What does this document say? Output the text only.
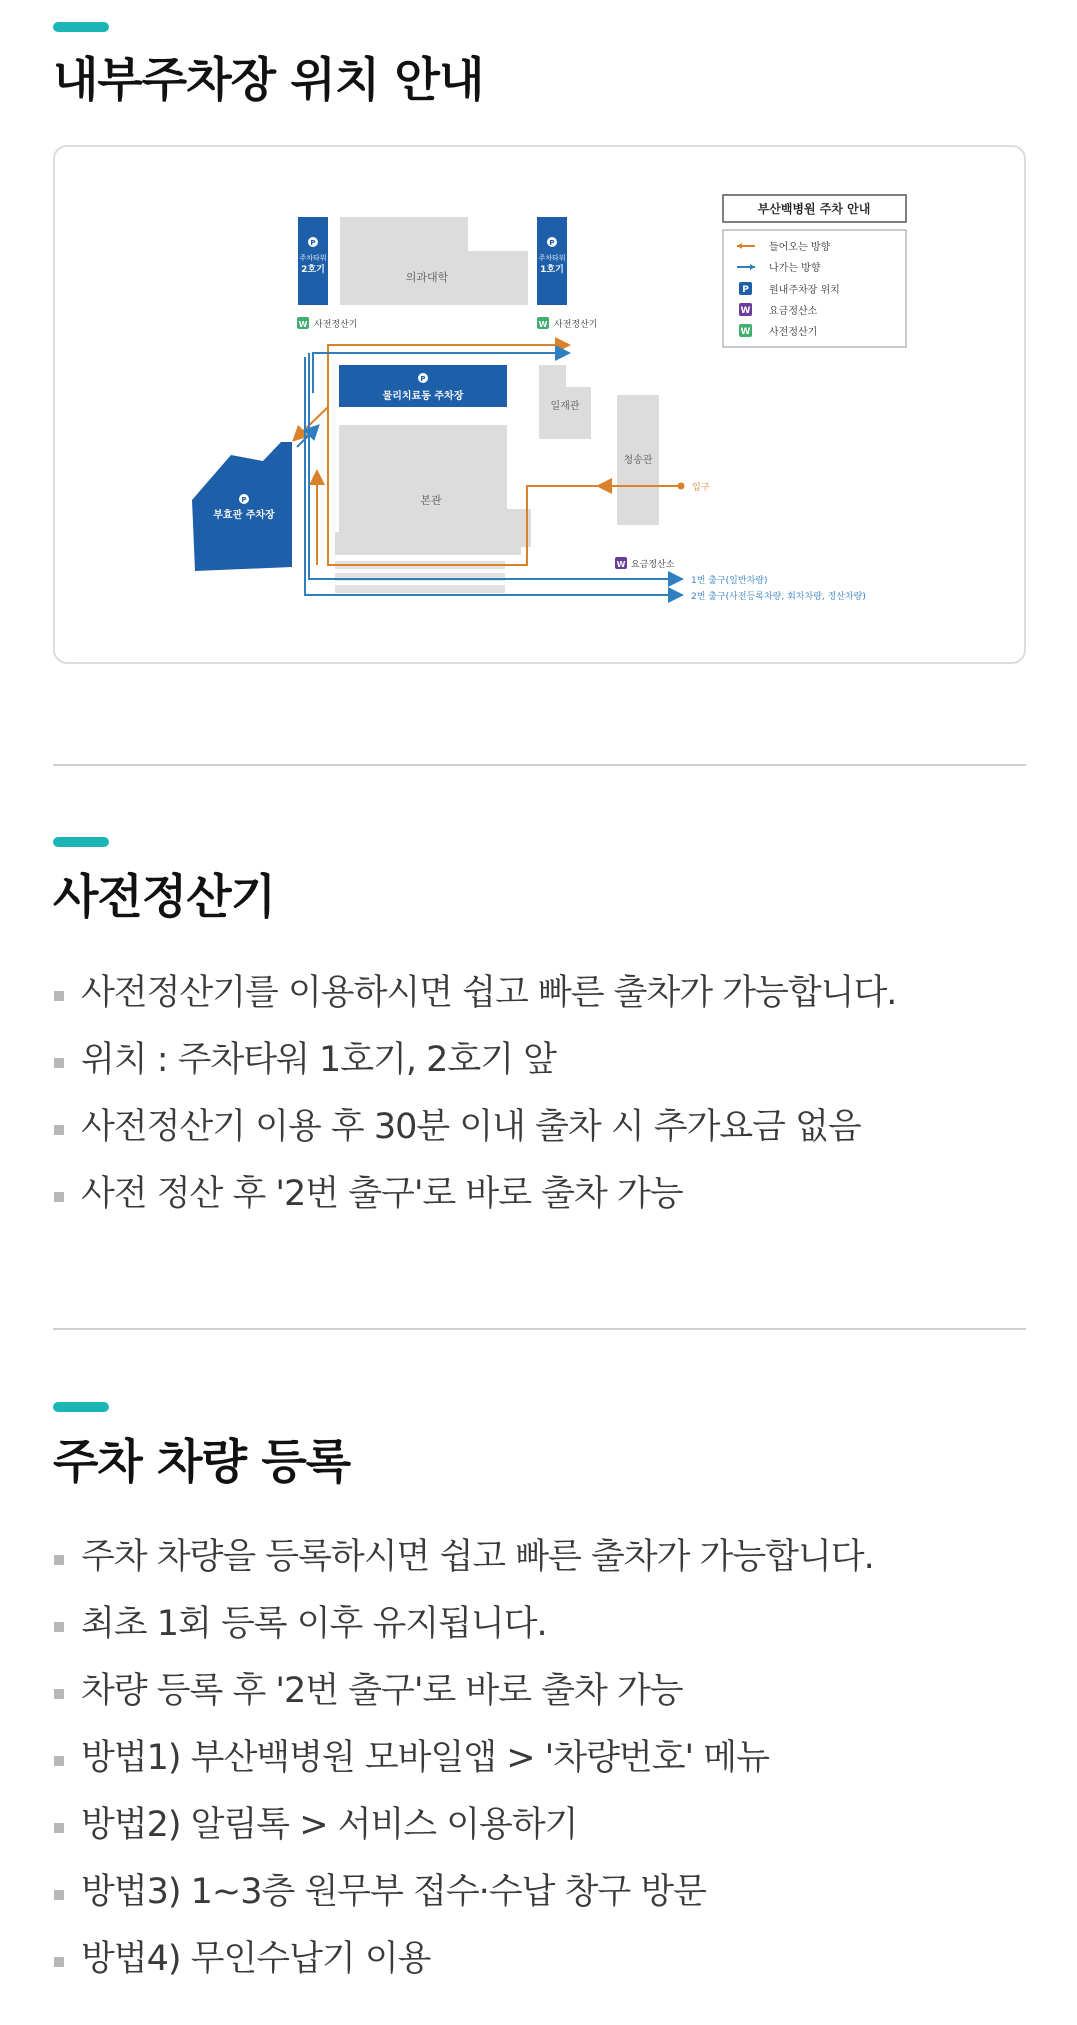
내부주차장 위치 안내
부산백병원 주차 안내
들어오는 방향
나가는 방향
P 원내주차장 위치
W 요금정산소
W 사전정산기
의과대학
P
주차타워
2호기
P
주차타워
1호기
W 사전정산기	W 사전정산기
P
물리치료동 주차장
일재관
청송관
본관
P
부효관 주차장
입구
W 요금정산소
1번 출구(일반차량)
2번 출구(사전등록차량, 회차차량, 정산차량)
사전정산기
사전정산기를 이용하시면 쉽고 빠른 출차가 가능합니다.
위치 : 주차타워 1호기, 2호기 앞
사전정산기 이용 후 30분 이내 출차 시 추가요금 없음
사전 정산 후 '2번 출구'로 바로 출차 가능
주차 차량 등록
주차 차량을 등록하시면 쉽고 빠른 출차가 가능합니다.
최초 1회 등록 이후 유지됩니다.
차량 등록 후 '2번 출구'로 바로 출차 가능
방법1) 부산백병원 모바일앱 > '차량번호' 메뉴
방법2) 알림톡 > 서비스 이용하기
방법3) 1~3층 원무부 접수·수납 창구 방문
방법4) 무인수납기 이용
